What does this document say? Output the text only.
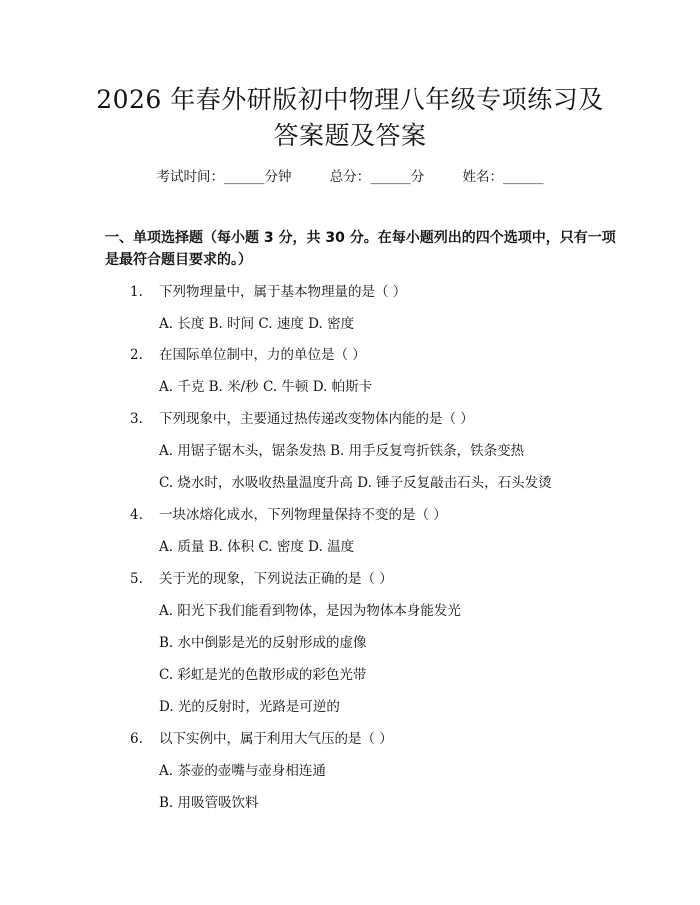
2026 年春外研版初中物理八年级专项练习及
答案题及答案
考试时间：______分钟	总分：______分	姓名：______
一、单项选择题（每小题 3 分，共 30 分。在每小题列出的四个选项中，只有一项
是最符合题目要求的。）
1. 下列物理量中，属于基本物理量的是（ ）
A. 长度 B. 时间 C. 速度 D. 密度
2. 在国际单位制中，力的单位是（ ）
A. 千克 B. 米/秒 C. 牛顿 D. 帕斯卡
3. 下列现象中，主要通过热传递改变物体内能的是（ ）
A. 用锯子锯木头，锯条发热 B. 用手反复弯折铁条，铁条变热
C. 烧水时，水吸收热量温度升高 D. 锤子反复敲击石头，石头发烫
4. 一块冰熔化成水，下列物理量保持不变的是（ ）
A. 质量 B. 体积 C. 密度 D. 温度
5. 关于光的现象，下列说法正确的是（ ）
A. 阳光下我们能看到物体，是因为物体本身能发光
B. 水中倒影是光的反射形成的虚像
C. 彩虹是光的色散形成的彩色光带
D. 光的反射时，光路是可逆的
6. 以下实例中，属于利用大气压的是（ ）
A. 茶壶的壶嘴与壶身相连通
B. 用吸管吸饮料
